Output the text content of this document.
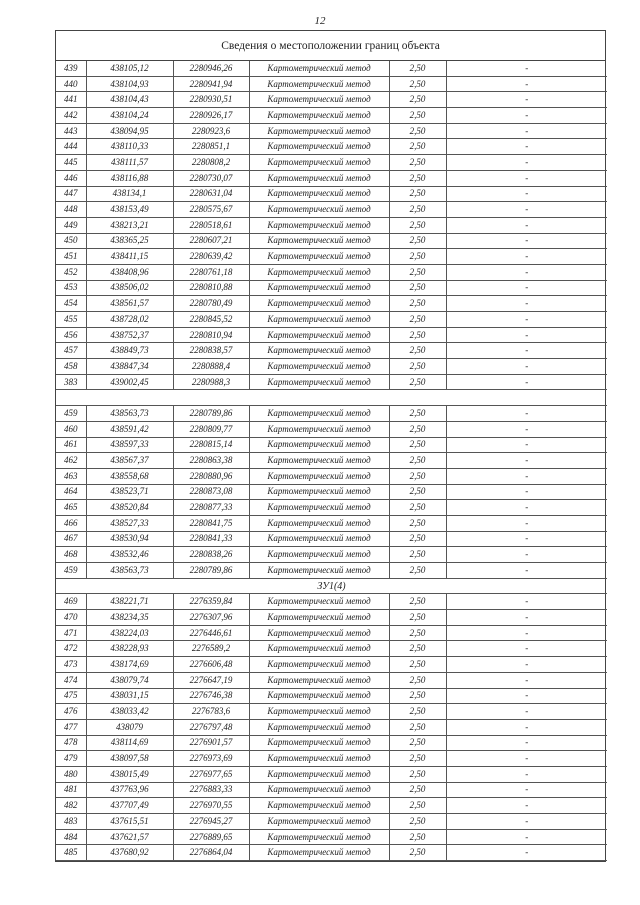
12
Сведения о местоположении границ объекта
439	438105,12	2280946,26	Картометрический метод	2,50	-
440	438104,93	2280941,94	Картометрический метод	2,50	-
441	438104,43	2280930,51	Картометрический метод	2,50	-
442	438104,24	2280926,17	Картометрический метод	2,50	-
443	438094,95	2280923,6	Картометрический метод	2,50	-
444	438110,33	2280851,1	Картометрический метод	2,50	-
445	438111,57	2280808,2	Картометрический метод	2,50	-
446	438116,88	2280730,07	Картометрический метод	2,50	-
447	438134,1	2280631,04	Картометрический метод	2,50	-
448	438153,49	2280575,67	Картометрический метод	2,50	-
449	438213,21	2280518,61	Картометрический метод	2,50	-
450	438365,25	2280607,21	Картометрический метод	2,50	-
451	438411,15	2280639,42	Картометрический метод	2,50	-
452	438408,96	2280761,18	Картометрический метод	2,50	-
453	438506,02	2280810,88	Картометрический метод	2,50	-
454	438561,57	2280780,49	Картометрический метод	2,50	-
455	438728,02	2280845,52	Картометрический метод	2,50	-
456	438752,37	2280810,94	Картометрический метод	2,50	-
457	438849,73	2280838,57	Картометрический метод	2,50	-
458	438847,34	2280888,4	Картометрический метод	2,50	-
383	439002,45	2280988,3	Картометрический метод	2,50	-

459	438563,73	2280789,86	Картометрический метод	2,50	-
460	438591,42	2280809,77	Картометрический метод	2,50	-
461	438597,33	2280815,14	Картометрический метод	2,50	-
462	438567,37	2280863,38	Картометрический метод	2,50	-
463	438558,68	2280880,96	Картометрический метод	2,50	-
464	438523,71	2280873,08	Картометрический метод	2,50	-
465	438520,84	2280877,33	Картометрический метод	2,50	-
466	438527,33	2280841,75	Картометрический метод	2,50	-
467	438530,94	2280841,33	Картометрический метод	2,50	-
468	438532,46	2280838,26	Картометрический метод	2,50	-
459	438563,73	2280789,86	Картометрический метод	2,50	-
ЗУ1(4)					
469	438221,71	2276359,84	Картометрический метод	2,50	-
470	438234,35	2276307,96	Картометрический метод	2,50	-
471	438224,03	2276446,61	Картометрический метод	2,50	-
472	438228,93	2276589,2	Картометрический метод	2,50	-
473	438174,69	2276606,48	Картометрический метод	2,50	-
474	438079,74	2276647,19	Картометрический метод	2,50	-
475	438031,15	2276746,38	Картометрический метод	2,50	-
476	438033,42	2276783,6	Картометрический метод	2,50	-
477	438079	2276797,48	Картометрический метод	2,50	-
478	438114,69	2276901,57	Картометрический метод	2,50	-
479	438097,58	2276973,69	Картометрический метод	2,50	-
480	438015,49	2276977,65	Картометрический метод	2,50	-
481	437763,96	2276883,33	Картометрический метод	2,50	-
482	437707,49	2276970,55	Картометрический метод	2,50	-
483	437615,51	2276945,27	Картометрический метод	2,50	-
484	437621,57	2276889,65	Картометрический метод	2,50	-
485	437680,92	2276864,04	Картометрический метод	2,50	-
